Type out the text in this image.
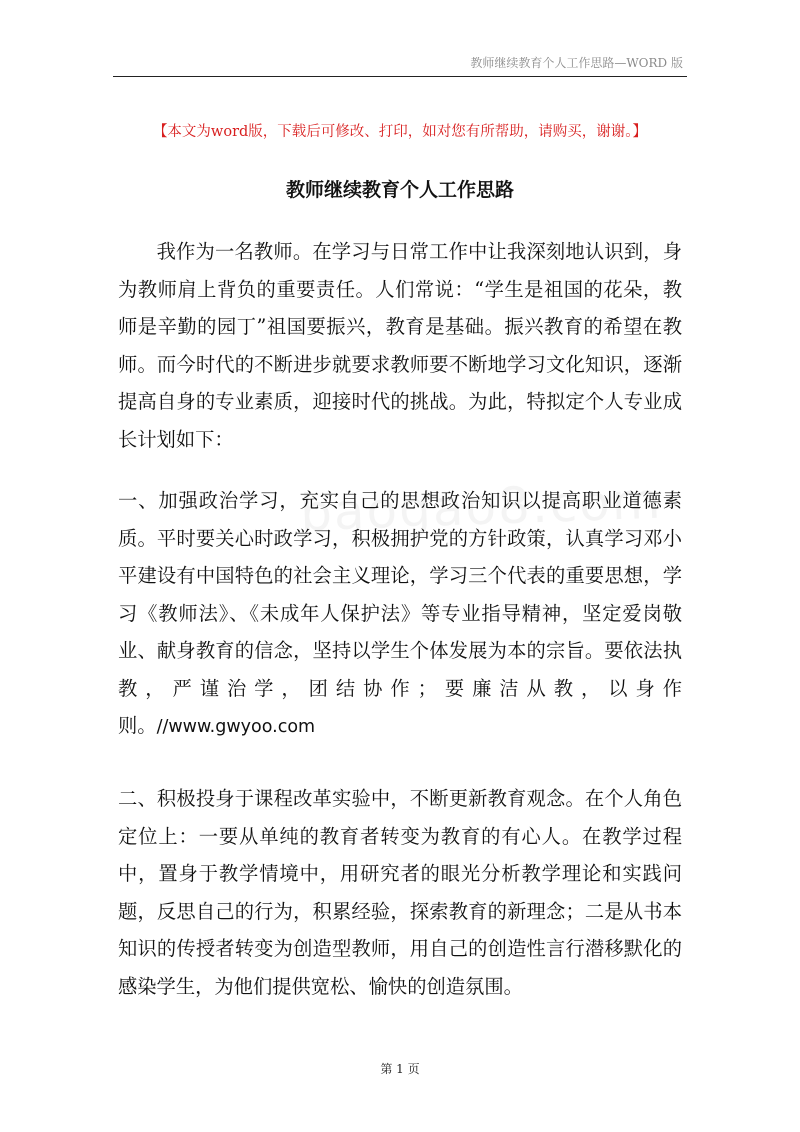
教师继续教育个人工作思路—WORD 版
【本文为word版，下载后可修改、打印，如对您有所帮助，请购买，谢谢。】
教师继续教育个人工作思路

我作为一名教师。在学习与日常工作中让我深刻地认识到，身为教师肩上背负的重要责任。人们常说：“学生是祖国的花朵，教师是辛勤的园丁”祖国要振兴，教育是基础。振兴教育的希望在教师。而今时代的不断进步就要求教师要不断地学习文化知识，逐渐提高自身的专业素质，迎接时代的挑战。为此，特拟定个人专业成长计划如下：

一、加强政治学习，充实自己的思想政治知识以提高职业道德素质。平时要关心时政学习，积极拥护党的方针政策，认真学习邓小平建设有中国特色的社会主义理论，学习三个代表的重要思想，学习《教师法》、《未成年人保护法》等专业指导精神，坚定爱岗敬业、献身教育的信念，坚持以学生个体发展为本的宗旨。要依法执教，严谨治学，团结协作；要廉洁从教，以身作则。//www.gwyoo.com

二、积极投身于课程改革实验中，不断更新教育观念。在个人角色定位上：一要从单纯的教育者转变为教育的有心人。在教学过程中，置身于教学情境中，用研究者的眼光分析教学理论和实践问题，反思自己的行为，积累经验，探索教育的新理念；二是从书本知识的传授者转变为创造型教师，用自己的创造性言行潜移默化的感染学生，为他们提供宽松、愉快的创造氛围。

第 1 页
